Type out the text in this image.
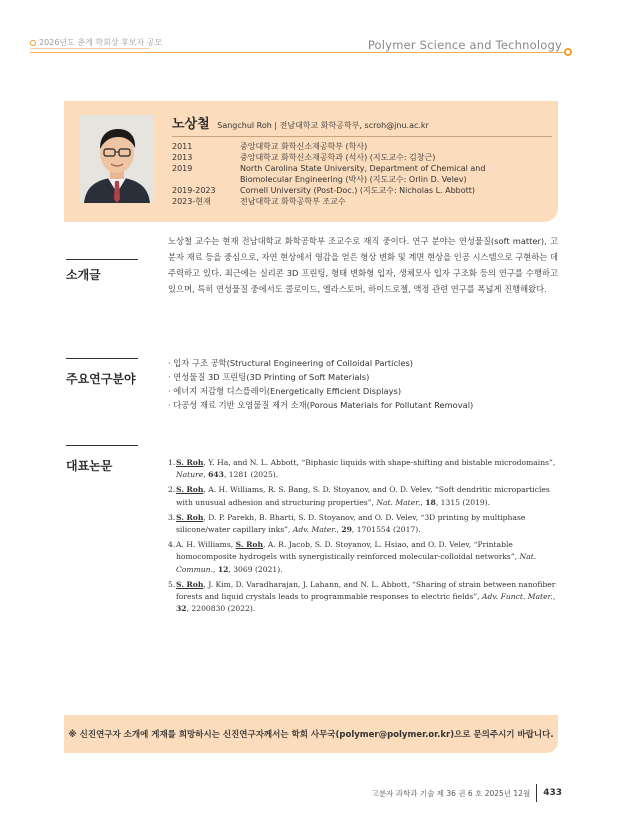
2026년도 춘계 학회상 후보자 공모	Polymer Science and Technology
노상철 Sangchul Roh | 전남대학교 화학공학부, scroh@jnu.ac.kr
2011	중앙대학교 화학신소재공학부 (학사)
2013	중앙대학교 화학신소재공학과 (석사) (지도교수: 김창근)
2019	North Carolina State University, Department of Chemical and Biomolecular Engineering (박사) (지도교수: Orlin D. Velev)
2019-2023	Cornell University (Post-Doc.) (지도교수: Nicholas L. Abbott)
2023-현재	전남대학교 화학공학부 조교수
소개글
노상철 교수는 현재 전남대학교 화학공학부 조교수로 재직 중이다. 연구 분야는 연성물질(soft matter), 고분자 재료 등을 중심으로, 자연 현상에서 영감을 얻은 형상 변화 및 계면 현상을 인공 시스템으로 구현하는 데 주력하고 있다. 최근에는 실리콘 3D 프린팅, 형태 변화형 입자, 생체모사 입자 구조화 등의 연구를 수행하고 있으며, 특히 연성물질 중에서도 콜로이드, 엘라스토머, 하이드로젤, 액정 관련 연구를 폭넓게 진행해왔다.
주요연구분야
· 입자 구조 공학(Structural Engineering of Colloidal Particles)
· 연성물질 3D 프린팅(3D Printing of Soft Materials)
· 에너지 저감형 디스플레이(Energetically Efficient Displays)
· 다공성 재료 기반 오염물질 제거 소재(Porous Materials for Pollutant Removal)
대표논문	1. S. Roh, Y. Ha, and N. L. Abbott, “Biphasic liquids with shape-shifting and bistable microdomains”, Nature, 643, 1281 (2025).
2. S. Roh, A. H. Williams, R. S. Bang, S. D. Stoyanov, and O. D. Velev, “Soft dendritic microparticles with unusual adhesion and structuring properties”, Nat. Mater., 18, 1315 (2019).
3. S. Roh, D. P. Parekh, B. Bharti, S. D. Stoyanov, and O. D. Velev, “3D printing by multiphase silicone/water capillary inks”, Adv. Mater., 29, 1701554 (2017).
4. A. H. Williams, S. Roh, A. R. Jacob, S. D. Stoyanov, L. Hsiao, and O. D. Velev, “Printable homocomposite hydrogels with synergistically reinforced molecular-colloidal networks”, Nat. Commun., 12, 3069 (2021).
5. S. Roh, J. Kim, D. Varadharajan, J. Lahann, and N. L. Abbott, “Sharing of strain between nanofiber forests and liquid crystals leads to programmable responses to electric fields”, Adv. Funct. Mater., 32, 2200830 (2022).
※ 신진연구자 소개에 게재를 희망하시는 신진연구자께서는 학회 사무국(polymer@polymer.or.kr)으로 문의주시기 바랍니다.
고분자 과학과 기술 제 36 권 6 호 2025년 12월 433
